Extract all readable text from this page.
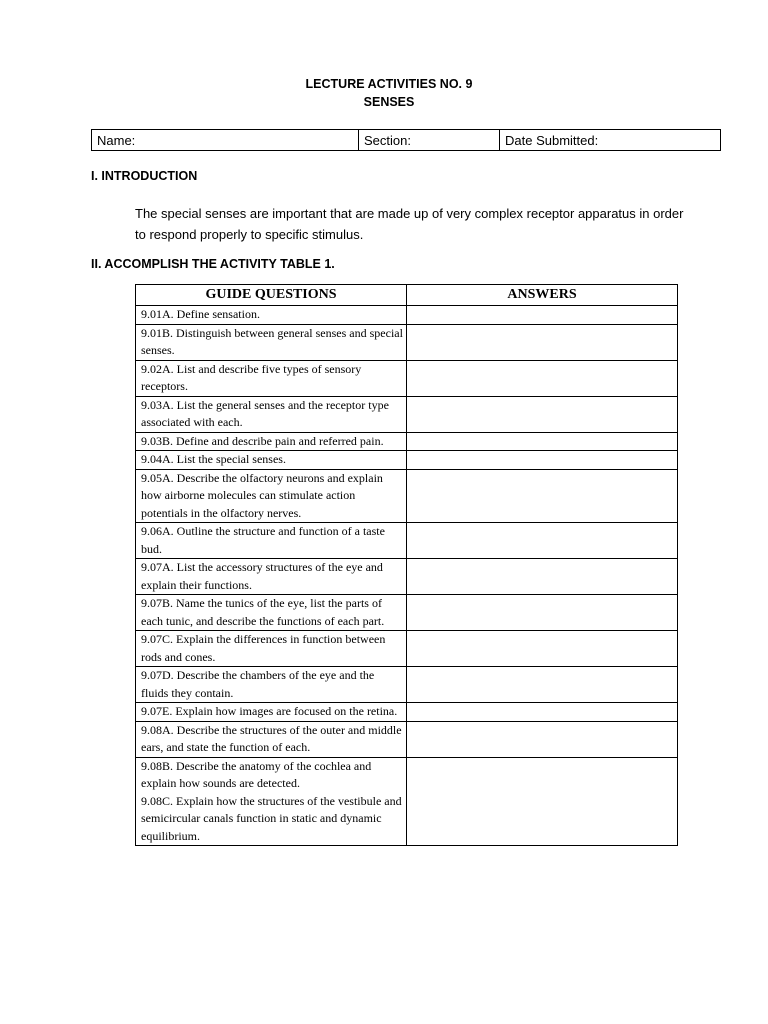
LECTURE ACTIVITIES NO. 9
SENSES
Name:	Section:	Date Submitted:
I. INTRODUCTION
The special senses are important that are made up of very complex receptor apparatus in order to respond properly to specific stimulus.
II. ACCOMPLISH THE ACTIVITY TABLE 1.
GUIDE QUESTIONS	ANSWERS
9.01A. Define sensation.	
9.01B. Distinguish between general senses and special senses.	
9.02A. List and describe five types of sensory receptors.	
9.03A. List the general senses and the receptor type associated with each.	
9.03B. Define and describe pain and referred pain.	
9.04A. List the special senses.	
9.05A. Describe the olfactory neurons and explain how airborne molecules can stimulate action potentials in the olfactory nerves.	
9.06A. Outline the structure and function of a taste bud.	
9.07A. List the accessory structures of the eye and explain their functions.	
9.07B. Name the tunics of the eye, list the parts of each tunic, and describe the functions of each part.	
9.07C. Explain the differences in function between rods and cones.	
9.07D. Describe the chambers of the eye and the fluids they contain.	
9.07E. Explain how images are focused on the retina.	
9.08A. Describe the structures of the outer and middle ears, and state the function of each.	
9.08B. Describe the anatomy of the cochlea and explain how sounds are detected.
9.08C. Explain how the structures of the vestibule and semicircular canals function in static and dynamic equilibrium.	
